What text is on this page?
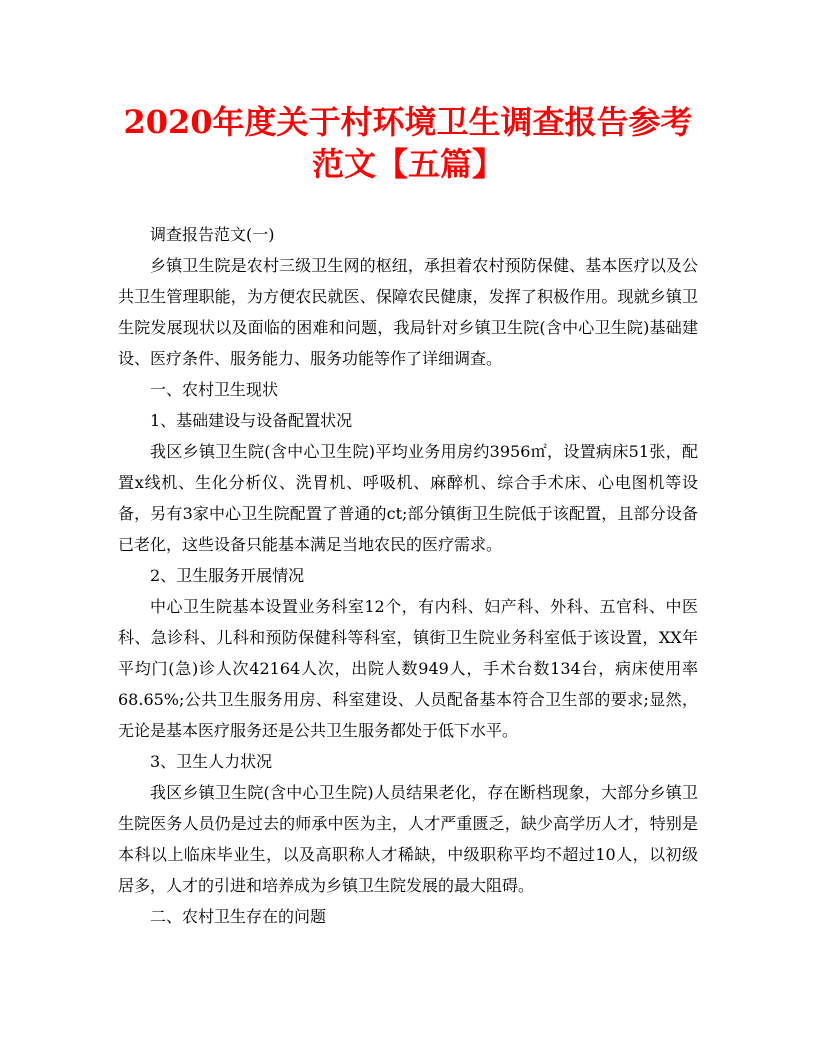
2020年度关于村环境卫生调查报告参考
范文【五篇】

调查报告范文(一)

乡镇卫生院是农村三级卫生网的枢纽，承担着农村预防保健、基本医疗以及公共卫生管理职能，为方便农民就医、保障农民健康，发挥了积极作用。现就乡镇卫生院发展现状以及面临的困难和问题，我局针对乡镇卫生院(含中心卫生院)基础建设、医疗条件、服务能力、服务功能等作了详细调查。

一、农村卫生现状

1、基础建设与设备配置状况

我区乡镇卫生院(含中心卫生院)平均业务用房约3956㎡，设置病床51张，配置x线机、生化分析仪、洗胃机、呼吸机、麻醉机、综合手术床、心电图机等设备，另有3家中心卫生院配置了普通的ct;部分镇街卫生院低于该配置，且部分设备已老化，这些设备只能基本满足当地农民的医疗需求。

2、卫生服务开展情况

中心卫生院基本设置业务科室12个，有内科、妇产科、外科、五官科、中医科、急诊科、儿科和预防保健科等科室，镇街卫生院业务科室低于该设置，XX年平均门(急)诊人次42164人次，出院人数949人，手术台数134台，病床使用率68.65%;公共卫生服务用房、科室建设、人员配备基本符合卫生部的要求;显然，无论是基本医疗服务还是公共卫生服务都处于低下水平。

3、卫生人力状况

我区乡镇卫生院(含中心卫生院)人员结果老化，存在断档现象，大部分乡镇卫生院医务人员仍是过去的师承中医为主，人才严重匮乏，缺少高学历人才，特别是本科以上临床毕业生，以及高职称人才稀缺，中级职称平均不超过10人，以初级居多，人才的引进和培养成为乡镇卫生院发展的最大阻碍。

二、农村卫生存在的问题
